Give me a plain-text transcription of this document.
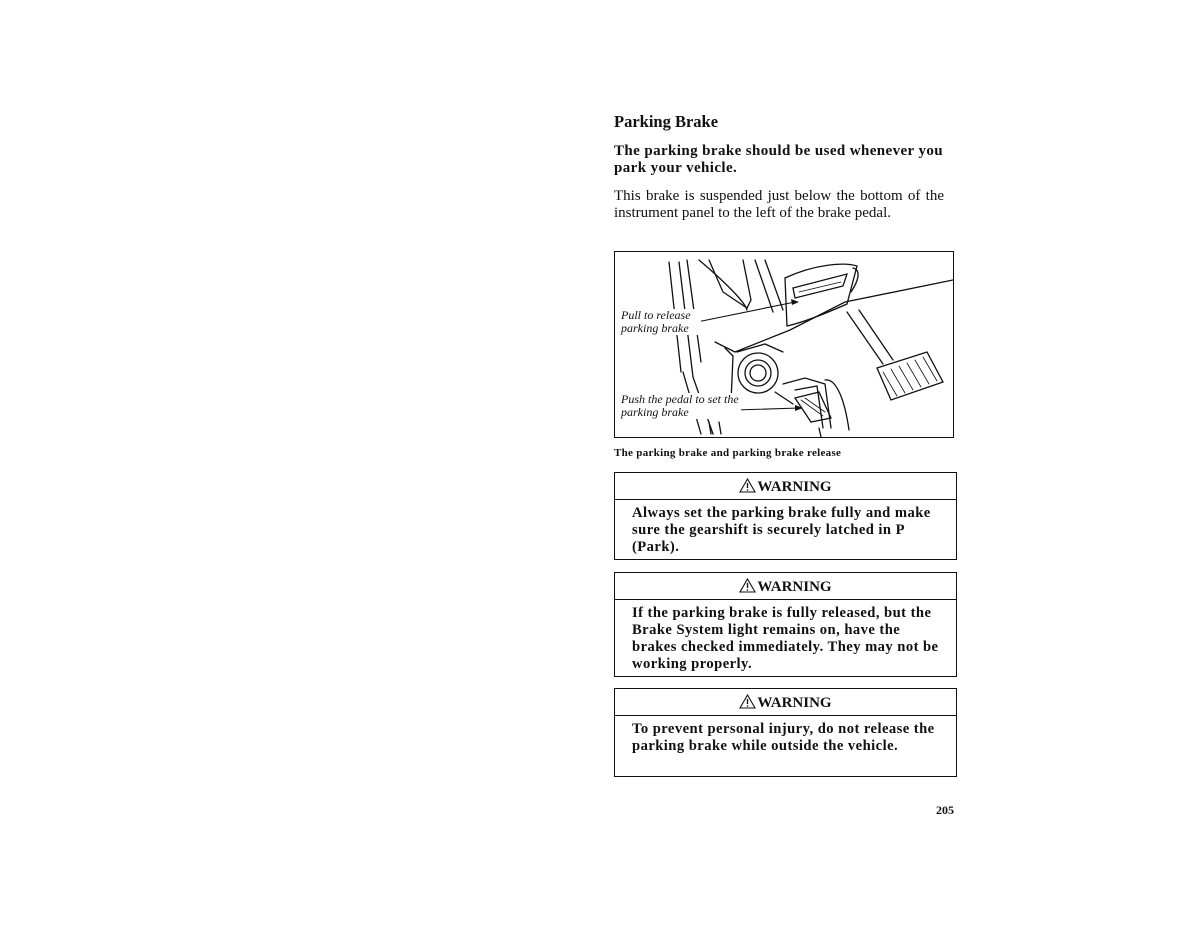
Parking Brake
The parking brake should be used whenever you park your vehicle.
This brake is suspended just below the bottom of the instrument panel to the left of the brake pedal.
Pull to release parking brake
Push the pedal to set the parking brake
The parking brake and parking brake release
WARNING
Always set the parking brake fully and make sure the gearshift is securely latched in P (Park).
WARNING
If the parking brake is fully released, but the Brake System light remains on, have the brakes checked immediately. They may not be working properly.
WARNING
To prevent personal injury, do not release the parking brake while outside the vehicle.
205
